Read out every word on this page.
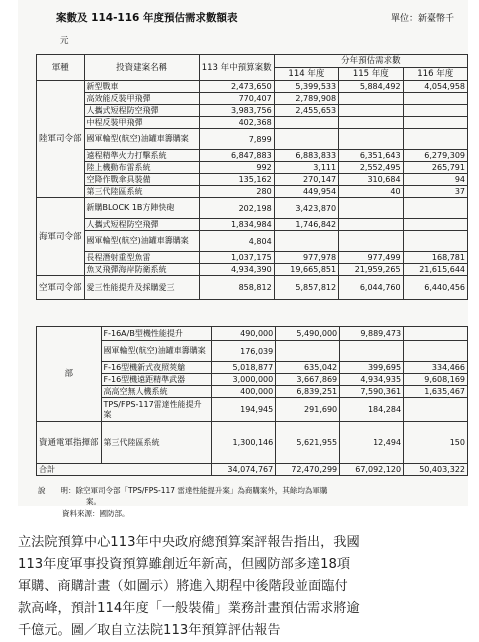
案數及 114-116 年度預估需求數額表	單位：新臺幣千
元
軍種	投資建案名稱	113 年中預算案數	分年預估需求數		
			114 年度	115 年度	116 年度
陸軍司令部	新型戰車	2,473,650	5,399,533	5,884,492	4,054,958
	高效能反裝甲飛彈	770,407	2,789,908		
	人攜式短程防空飛彈	3,983,756	2,455,653		
	中程反裝甲飛彈	402,368			
	國軍輪型(航空)油罐車籌購案	7,899			
	遠程精準火力打擊系統	6,847,883	6,883,833	6,351,643	6,279,309
	陸上機動布雷系統	992	3,111	2,552,495	265,791
	空降作戰傘具裝備	135,162	270,147	310,684	94
	第三代陸區系統	280	449,954	40	37
海軍司令部	新購BLOCK 1B方陣快砲	202,198	3,423,870		
	人攜式短程防空飛彈	1,834,984	1,746,842		
	國軍輪型(航空)油罐車籌購案	4,804			
	長程潛射重型魚雷	1,037,175	977,978	977,499	168,781
	魚叉飛彈海岸防衛系統	4,934,390	19,665,851	21,959,265	21,615,644
空軍司令部	愛三性能提升及採購愛三	858,812	5,857,812	6,044,760	6,440,456
部	F-16A/B型機性能提升	490,000	5,490,000	9,889,473	
	國軍輪型(航空)油罐車籌購案	176,039			
	F-16型機新式夜照莢艙	5,018,877	635,042	399,695	334,466
	F-16型機遠距精準武器	3,000,000	3,667,869	4,934,935	9,608,169
	高高空無人機系統	400,000	6,839,251	7,590,361	1,635,467
	TPS/FPS-117雷達性能提升案	194,945	291,690	184,284	
資通電軍指揮部	第三代陸區系統	1,300,146	5,621,955	12,494	150
合計		34,074,767	72,470,299	67,092,120	50,403,322
說　　明：除空軍司令部「TPS/FPS-117 雷達性能提升案」為商購案外，其餘均為軍購
案。
資料來源：國防部。

立法院預算中心113年中央政府總預算案評報告指出，我國

113年度軍事投資預算雖創近年新高，但國防部多達18項

軍購、商購計畫（如圖示）將進入期程中後階段並面臨付

款高峰，預計114年度「一般裝備」業務計畫預估需求將逾

千億元。圖／取自立法院113年預算評估報告
